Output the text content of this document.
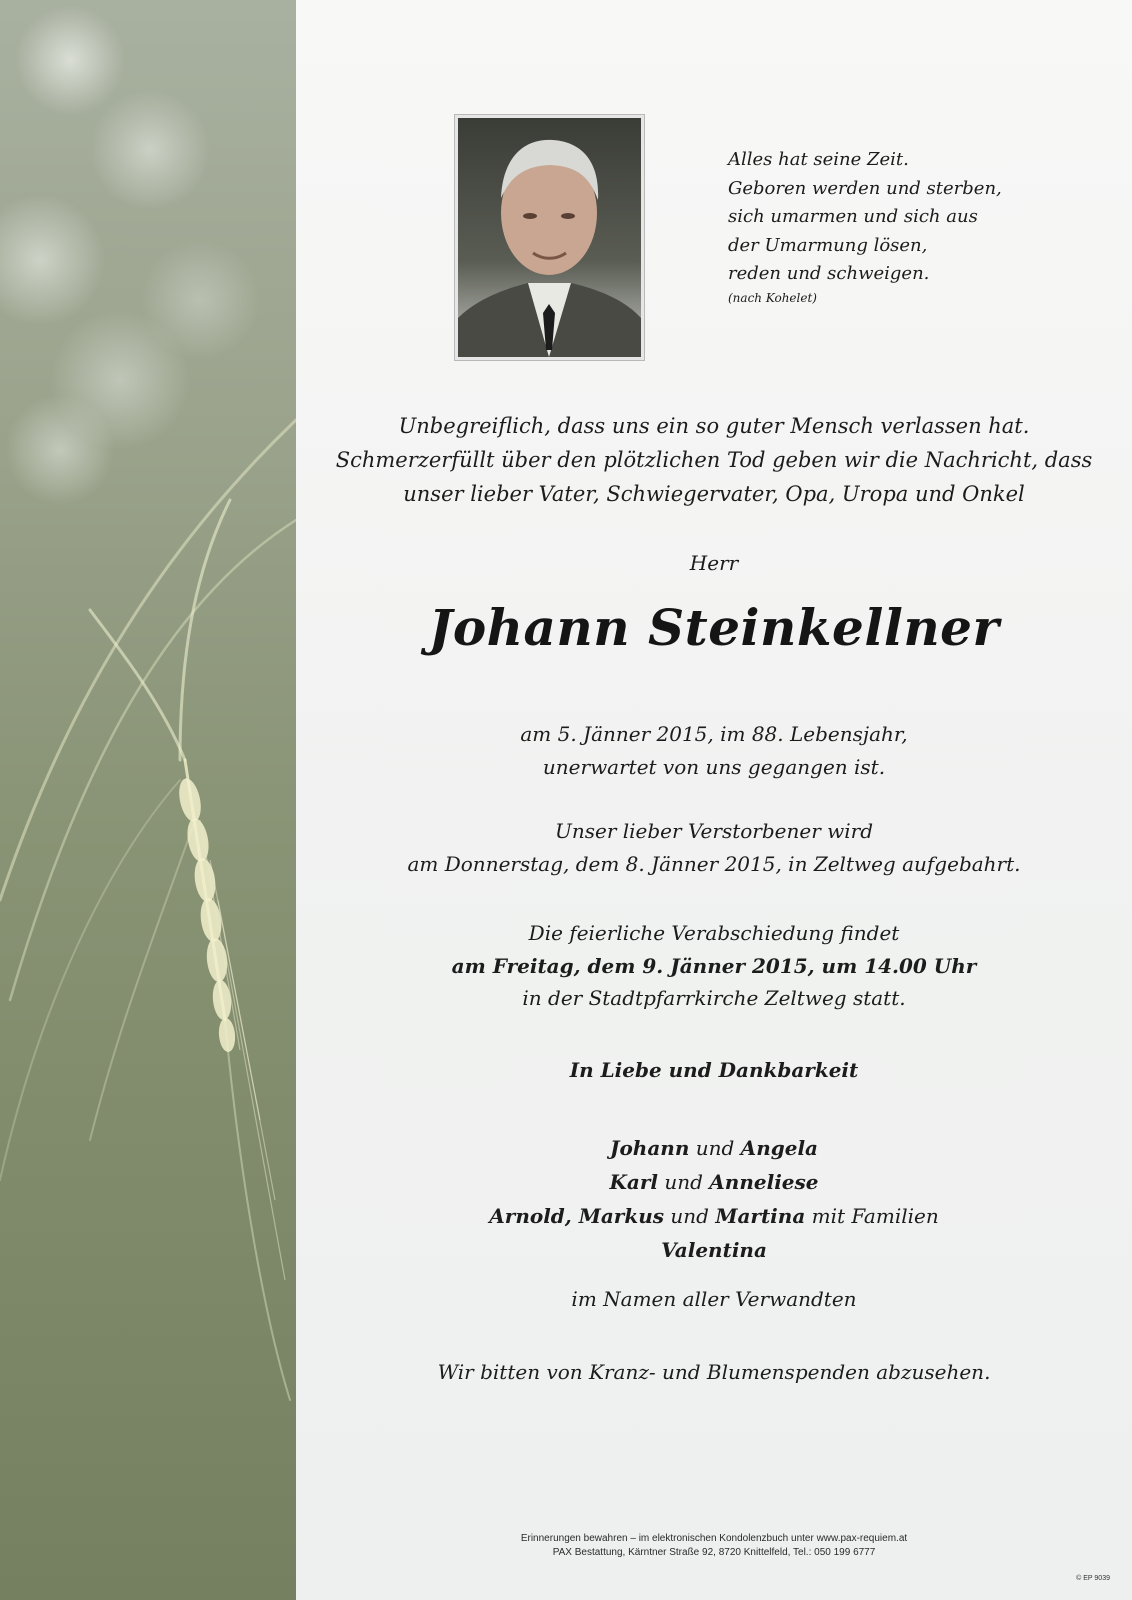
Alles hat seine Zeit.
Geboren werden und sterben,
sich umarmen und sich aus
der Umarmung lösen,
reden und schweigen.
(nach Kohelet)
Unbegreiflich, dass uns ein so guter Mensch verlassen hat.
Schmerzerfüllt über den plötzlichen Tod geben wir die Nachricht, dass
unser lieber Vater, Schwiegervater, Opa, Uropa und Onkel
Herr
Johann Steinkellner
am 5. Jänner 2015, im 88. Lebensjahr,
unerwartet von uns gegangen ist.
Unser lieber Verstorbener wird
am Donnerstag, dem 8. Jänner 2015, in Zeltweg aufgebahrt.
Die feierliche Verabschiedung findet
am Freitag, dem 9. Jänner 2015, um 14.00 Uhr
in der Stadtpfarrkirche Zeltweg statt.
In Liebe und Dankbarkeit
Johann und Angela
Karl und Anneliese
Arnold, Markus und Martina mit Familien
Valentina
im Namen aller Verwandten
Wir bitten von Kranz- und Blumenspenden abzusehen.
Erinnerungen bewahren – im elektronischen Kondolenzbuch unter www.pax-requiem.at
PAX Bestattung, Kärntner Straße 92, 8720 Knittelfeld, Tel.: 050 199 6777
© EP 9039
